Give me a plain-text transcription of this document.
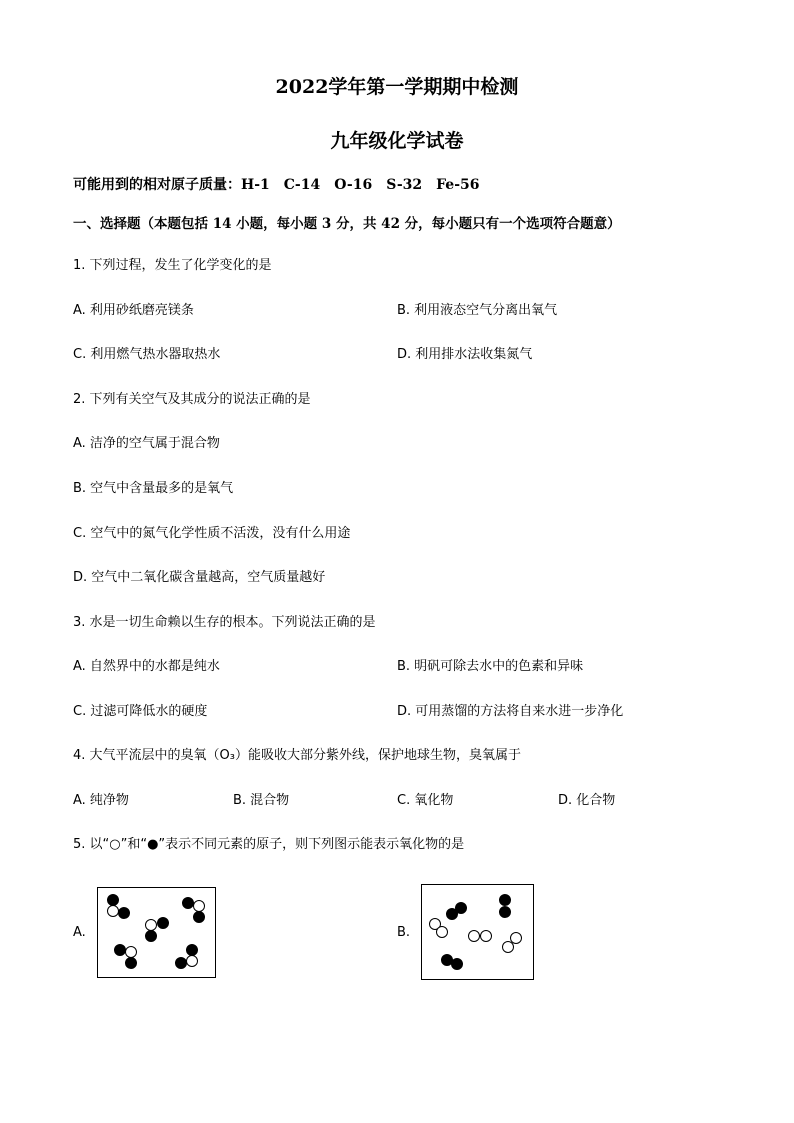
2022学年第一学期期中检测
九年级化学试卷
可能用到的相对原子质量：H-1　C-14　O-16　S-32　Fe-56
一、选择题（本题包括 14 小题，每小题 3 分，共 42 分，每小题只有一个选项符合题意）
1. 下列过程，发生了化学变化的是
A. 利用砂纸磨亮镁条	B. 利用液态空气分离出氧气
C. 利用燃气热水器取热水	D. 利用排水法收集氮气
2. 下列有关空气及其成分的说法正确的是
A. 洁净的空气属于混合物
B. 空气中含量最多的是氧气
C. 空气中的氮气化学性质不活泼，没有什么用途
D. 空气中二氧化碳含量越高，空气质量越好
3. 水是一切生命赖以生存的根本。下列说法正确的是
A. 自然界中的水都是纯水	B. 明矾可除去水中的色素和异味
C. 过滤可降低水的硬度	D. 可用蒸馏的方法将自来水进一步净化
4. 大气平流层中的臭氧（O₃）能吸收大部分紫外线，保护地球生物，臭氧属于
A. 纯净物	B. 混合物	C. 氧化物	D. 化合物
5. 以“○”和“●”表示不同元素的原子，则下列图示能表示氧化物的是
A.	B.
